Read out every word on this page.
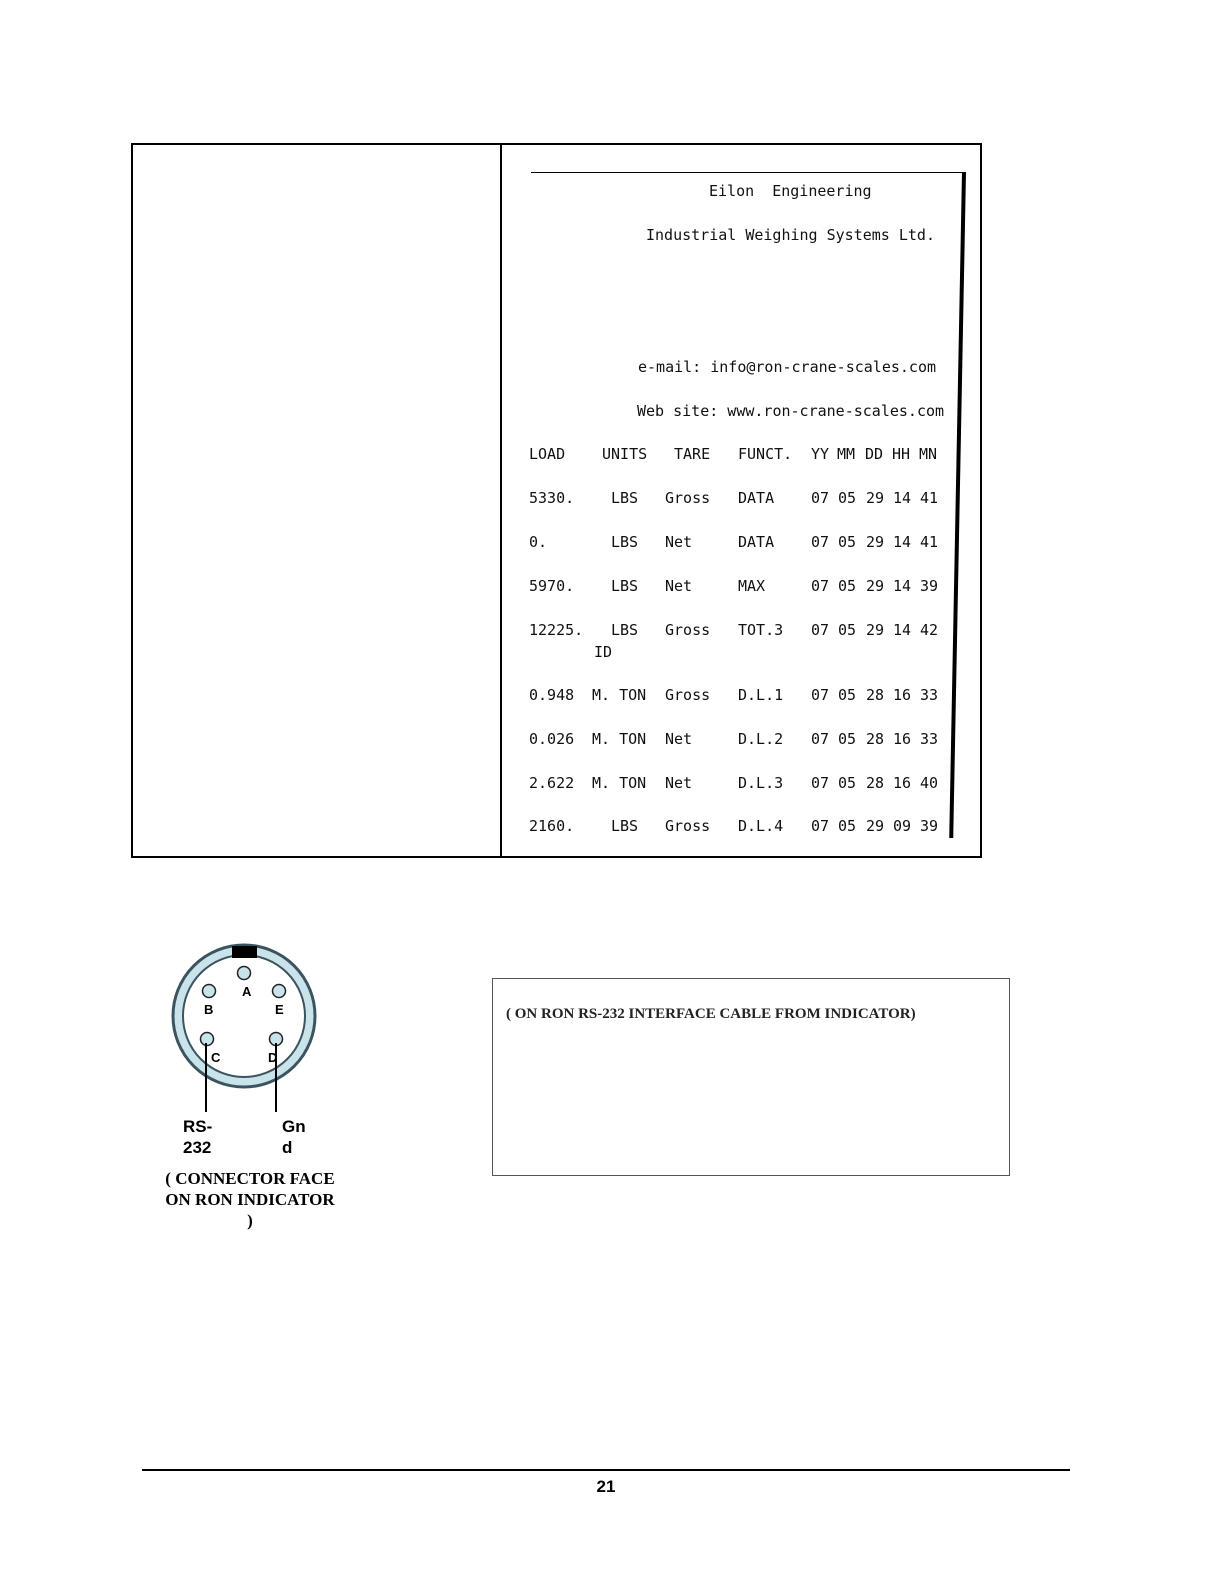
Eilon  Engineering
Industrial Weighing Systems Ltd.
e-mail: info@ron-crane-scales.com
Web site: www.ron-crane-scales.com
LOAD UNITS TARE FUNCT. YY MM DD HH MN
5330. LBS Gross DATA 07 05 29 14 41
0.	LBS Net	DATA 07 05 29 14 41
5970. LBS Net	MAX	07 05 29 14 39
12225. LBS Gross TOT.3 07 05 29 14 42
ID
0.948 M. TON Gross D.L.1 07 05 28 16 33
0.026 M. TON Net	D.L.2 07 05 28 16 33
2.622 M. TON Net	D.L.3 07 05 28 16 40
2160. LBS Gross D.L.4 07 05 29 09 39
A
B	E
C	D
RS-
232
Gn
d
( CONNECTOR FACE
ON RON INDICATOR
)
( ON RON RS-232 INTERFACE CABLE FROM INDICATOR)
21
